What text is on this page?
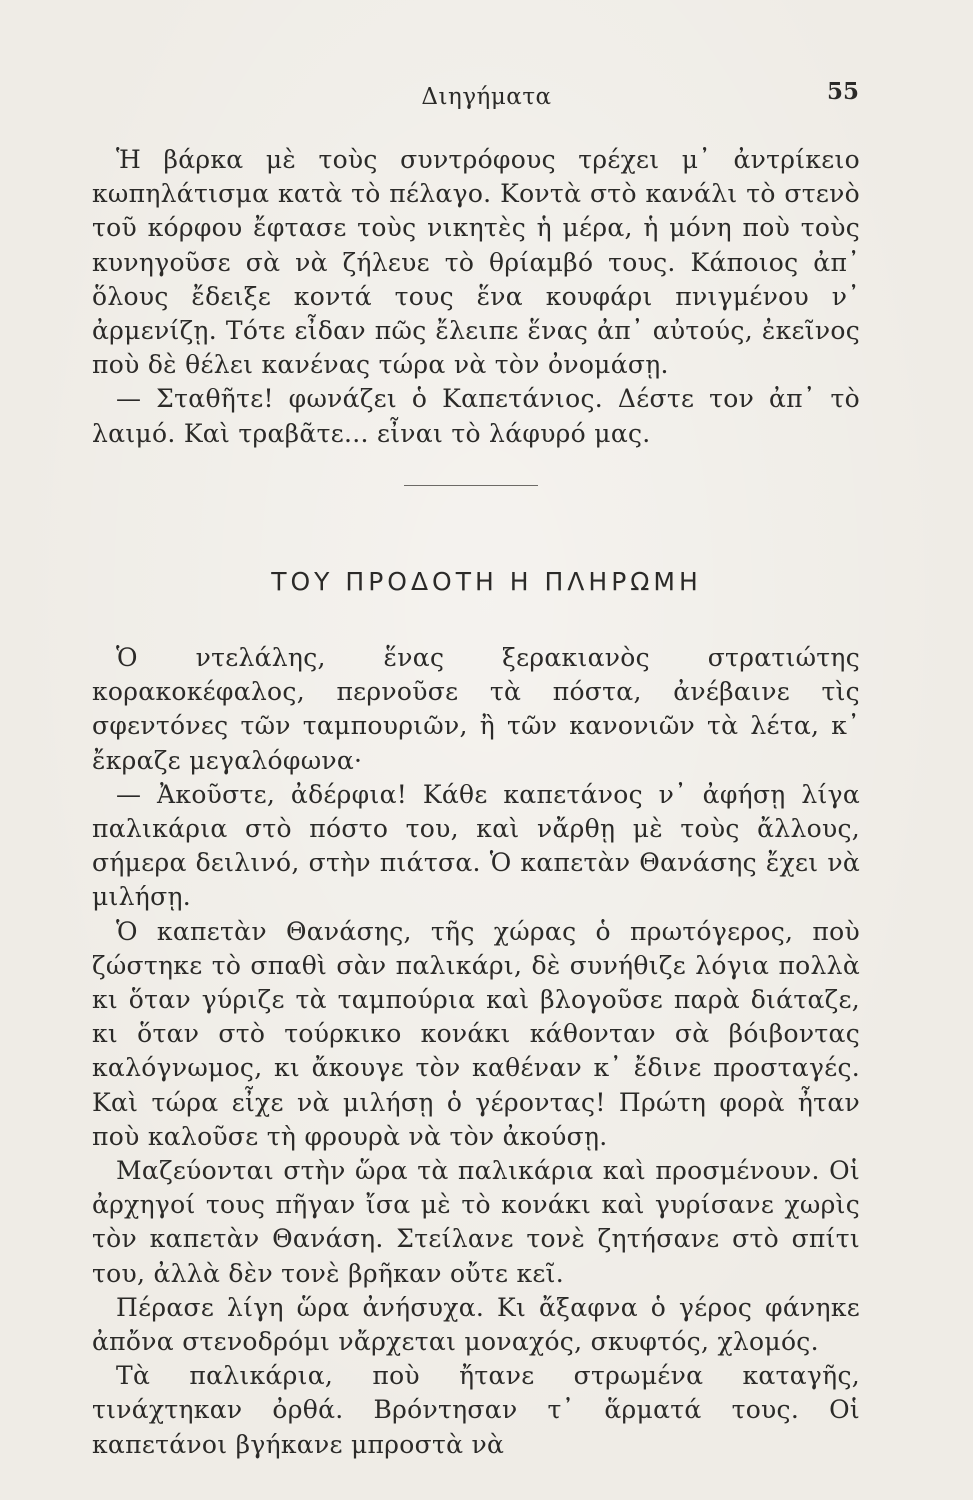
Διηγήματα	55

Ἡ βάρκα μὲ τοὺς συντρόφους τρέχει μ᾽ ἀντρίκειο κωπηλάτισμα κατὰ τὸ πέλαγο. Κοντὰ στὸ κανάλι τὸ στενὸ τοῦ κόρφου ἔφτασε τοὺς νικητὲς ἡ μέρα, ἡ μόνη ποὺ τοὺς κυνηγοῦσε σὰ νὰ ζήλευε τὸ θρίαμβό τους. Κάποιος ἀπ᾽ ὅλους ἔδειξε κοντά τους ἕνα κουφάρι πνιγμένου ν᾽ ἀρμενίζῃ. Τότε εἶδαν πῶς ἔλειπε ἕνας ἀπ᾽ αὐτούς, ἐκεῖνος ποὺ δὲ θέλει κανένας τώρα νὰ τὸν ὀνομάσῃ.

— Σταθῆτε! φωνάζει ὁ Καπετάνιος. Δέστε τον ἀπ᾽ τὸ λαιμό. Καὶ τραβᾶτε... εἶναι τὸ λάφυρό μας.

ΤΟΥ ΠΡΟΔΟΤΗ Η ΠΛΗΡΩΜΗ

Ὁ ντελάλης, ἕνας ξερακιανὸς στρατιώτης κορακοκέφαλος, περνοῦσε τὰ πόστα, ἀνέβαινε τὶς σφεντόνες τῶν ταμπουριῶν, ἢ τῶν κανονιῶν τὰ λέτα, κ᾽ ἔκραζε μεγαλόφωνα·

— Ἀκοῦστε, ἀδέρφια! Κάθε καπετάνος ν᾽ ἀφήσῃ λίγα παλικάρια στὸ πόστο του, καὶ νἄρθῃ μὲ τοὺς ἄλλους, σήμερα δειλινό, στὴν πιάτσα. Ὁ καπετὰν Θανάσης ἔχει νὰ μιλήσῃ.

Ὁ καπετὰν Θανάσης, τῆς χώρας ὁ πρωτόγερος, ποὺ ζώστηκε τὸ σπαθὶ σὰν παλικάρι, δὲ συνήθιζε λόγια πολλὰ κι ὅταν γύριζε τὰ ταμπούρια καὶ βλογοῦσε παρὰ διάταζε, κι ὅταν στὸ τούρκικο κονάκι κάθονταν σὰ βόιβοντας καλόγνωμος, κι ἄκουγε τὸν καθέναν κ᾽ ἔδινε προσταγές. Καὶ τώρα εἶχε νὰ μιλήσῃ ὁ γέροντας! Πρώτη φορὰ ἦταν ποὺ καλοῦσε τὴ φρουρὰ νὰ τὸν ἀκούσῃ.

Μαζεύονται στὴν ὥρα τὰ παλικάρια καὶ προσμένουν. Οἱ ἀρχηγοί τους πῆγαν ἴσα μὲ τὸ κονάκι καὶ γυρίσανε χωρὶς τὸν καπετὰν Θανάση. Στείλανε τονὲ ζητήσανε στὸ σπίτι του, ἀλλὰ δὲν τονὲ βρῆκαν οὔτε κεῖ.

Πέρασε λίγη ὥρα ἀνήσυχα. Κι ἄξαφνα ὁ γέρος φάνηκε ἀπὄνα στενοδρόμι νἄρχεται μοναχός, σκυφτός, χλομός.

Τὰ παλικάρια, ποὺ ἤτανε στρωμένα καταγῆς, τινάχτηκαν ὀρθά. Βρόντησαν τ᾽ ἅρματά τους. Οἱ καπετάνοι βγήκανε μπροστὰ νὰ
